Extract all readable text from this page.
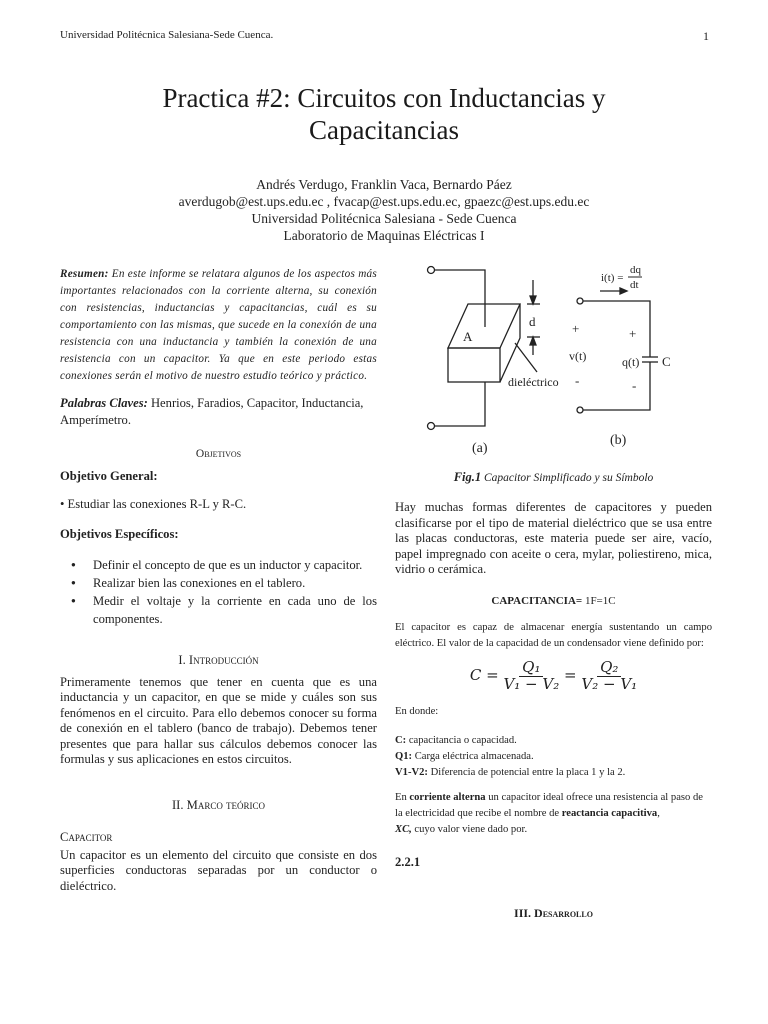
Universidad Politécnica Salesiana-Sede Cuenca.	1
Practica #2: Circuitos con Inductancias y
Capacitancias
Andrés Verdugo, Franklin Vaca, Bernardo Páez
averdugob@est.ups.edu.ec , fvacap@est.ups.edu.ec, gpaezc@est.ups.edu.ec
Universidad Politécnica Salesiana - Sede Cuenca
Laboratorio de Maquinas Eléctricas I
Resumen: En este informe se relatara algunos de los aspectos más importantes relacionados con la corriente alterna, su conexión con resistencias, inductancias y capacitancias, cuál es su comportamiento con las mismas, que sucede en la conexión de una resistencia con una inductancia y también la conexión de una resistencia con un capacitor. Ya que en este periodo estas conexiones serán el motivo de nuestro estudio teórico y práctico.
Palabras Claves: Henrios, Faradios, Capacitor, Inductancia, Amperímetro.
Objetivos
Objetivo General:
• Estudiar las conexiones R-L y R-C.
Objetivos Específicos:
● Definir el concepto de que es un inductor y capacitor.
● Realizar bien las conexiones en el tablero.
● Medir el voltaje y la corriente en cada uno de los componentes.
I. Introducción
Primeramente tenemos que tener en cuenta que es una inductancia y un capacitor, en que se mide y cuáles son sus fenómenos en el circuito. Para ello debemos conocer su forma de conexión en el tablero (banco de trabajo). Debemos tener presentes que para hallar sus cálculos debemos conocer las formulas y sus aplicaciones en estos circuitos.
II. Marco teórico
Capacitor
Un capacitor es un elemento del circuito que consiste en dos superficies conductoras separadas por un conductor o dieléctrico.
A
d
dieléctrico
(a)
(b)
+
v(t)
-
+
q(t)
-
C
i(t) =
dq
dt
Fig.1 Capacitor Simplificado y su Símbolo
Hay muchas formas diferentes de capacitores y pueden clasificarse por el tipo de material dieléctrico que se usa entre las placas conductoras, este materia puede ser aire, vacío, papel impregnado con aceite o cera, mylar, poliestireno, mica, vidrio o cerámica.
CAPACITANCIA= 1F=1C
El capacitor es capaz de almacenar energía sustentando un campo eléctrico. El valor de la capacidad de un condensador viene definido por:
$C = \frac{\text{Q₁}}{\text{V₁ − V₂}} = \frac{\text{Q₂}}{\text{V₂ − V₁}}$
En donde:
C: capacitancia o capacidad.
Q1: Carga eléctrica almacenada.
V1-V2: Diferencia de potencial entre la placa 1 y la 2.
En corriente alterna un capacitor ideal ofrece una resistencia al paso de la electricidad que recibe el nombre de reactancia capacitiva,
XC, cuyo valor viene dado por.
2.2.1
III. Desarrollo
